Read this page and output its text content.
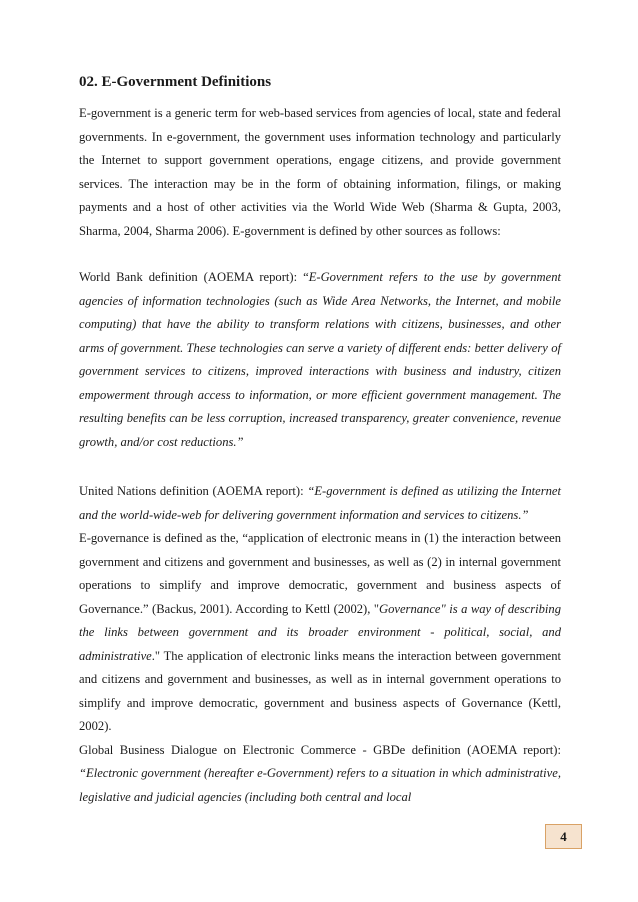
02. E-Government Definitions

E-government is a generic term for web-based services from agencies of local, state and federal governments. In e-government, the government uses information technology and particularly the Internet to support government operations, engage citizens, and provide government services. The interaction may be in the form of obtaining information, filings, or making payments and a host of other activities via the World Wide Web (Sharma & Gupta, 2003, Sharma, 2004, Sharma 2006). E-government is defined by other sources as follows:

World Bank definition (AOEMA report): “E-Government refers to the use by government agencies of information technologies (such as Wide Area Networks, the Internet, and mobile computing) that have the ability to transform relations with citizens, businesses, and other arms of government. These technologies can serve a variety of different ends: better delivery of government services to citizens, improved interactions with business and industry, citizen empowerment through access to information, or more efficient government management. The resulting benefits can be less corruption, increased transparency, greater convenience, revenue growth, and/or cost reductions.”

United Nations definition (AOEMA report): “E-government is defined as utilizing the Internet and the world-wide-web for delivering government information and services to citizens.”

E-governance is defined as the, “application of electronic means in (1) the interaction between government and citizens and government and businesses, as well as (2) in internal government operations to simplify and improve democratic, government and business aspects of Governance.” (Backus, 2001). According to Kettl (2002), "Governance" is a way of describing the links between government and its broader environment - political, social, and administrative." The application of electronic links means the interaction between government and citizens and government and businesses, as well as in internal government operations to simplify and improve democratic, government and business aspects of Governance (Kettl, 2002).

Global Business Dialogue on Electronic Commerce - GBDe definition (AOEMA report): “Electronic government (hereafter e-Government) refers to a situation in which administrative, legislative and judicial agencies (including both central and local

4
